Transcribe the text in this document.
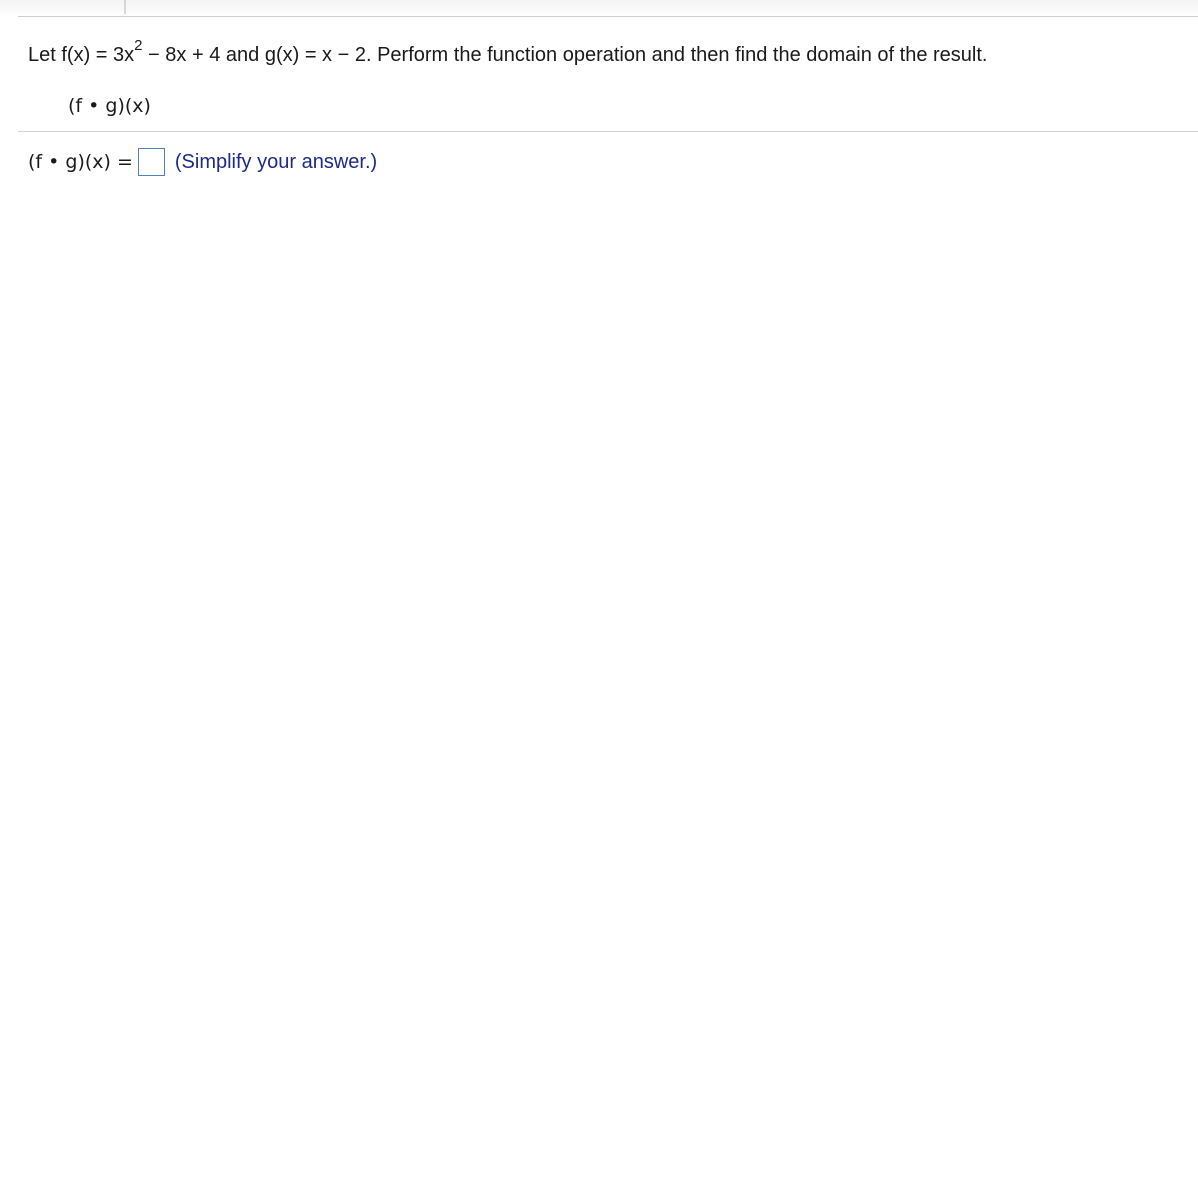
Let $f(x) = 3x^2 - 8x + 4$ and g(x) = x − 2. Perform the function operation and then find the domain of the result.
(f • g)(x)
(f • g)(x) = (Simplify your answer.)
